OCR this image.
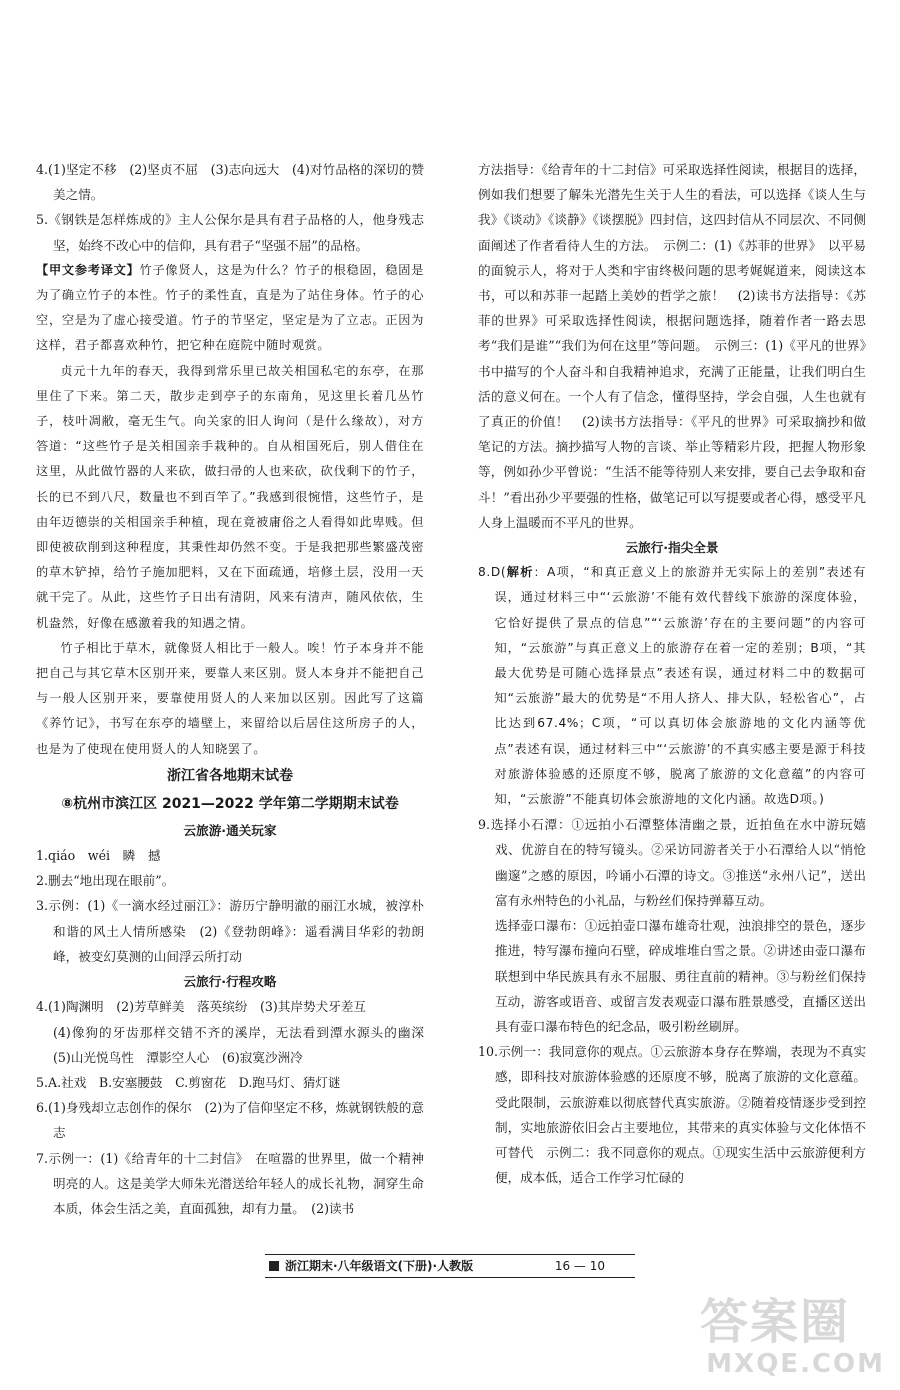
4.(1)坚定不移　(2)坚贞不屈　(3)志向远大　(4)对竹品格的深切的赞美之情。

5.《钢铁是怎样炼成的》主人公保尔是具有君子品格的人，他身残志坚，始终不改心中的信仰，具有君子“坚强不屈”的品格。

【甲文参考译文】竹子像贤人，这是为什么？竹子的根稳固，稳固是为了确立竹子的本性。竹子的柔性直，直是为了站住身体。竹子的心空，空是为了虚心接受道。竹子的节坚定，坚定是为了立志。正因为这样，君子都喜欢种竹，把它种在庭院中随时观赏。

贞元十九年的春天，我得到常乐里已故关相国私宅的东亭，在那里住了下来。第二天，散步走到亭子的东南角，见这里长着几丛竹子，枝叶凋敝，毫无生气。向关家的旧人询问（是什么缘故），对方答道：“这些竹子是关相国亲手栽种的。自从相国死后，别人借住在这里，从此做竹器的人来砍，做扫帚的人也来砍，砍伐剩下的竹子，长的已不到八尺，数量也不到百竿了。”我感到很惋惜，这些竹子，是由年迈德崇的关相国亲手种植，现在竟被庸俗之人看得如此卑贱。但即使被砍削到这种程度，其秉性却仍然不变。于是我把那些繁盛茂密的草木铲掉，给竹子施加肥料，又在下面疏通，培修土层，没用一天就干完了。从此，这些竹子日出有清阴，风来有清声，随风依依，生机盎然，好像在感激着我的知遇之情。

竹子相比于草木，就像贤人相比于一般人。唉！竹子本身并不能把自己与其它草木区别开来，要靠人来区别。贤人本身并不能把自己与一般人区别开来，要靠使用贤人的人来加以区别。因此写了这篇《养竹记》，书写在东亭的墙壁上，来留给以后居住这所房子的人，也是为了使现在使用贤人的人知晓罢了。

浙江省各地期末试卷
⑧杭州市滨江区 2021—2022 学年第二学期期末试卷
云旅游·通关玩家

1.qiáo　wéi　瞵　撼

2.删去“地出现在眼前”。

3.示例：(1)《一滴水经过丽江》：游历宁静明澈的丽江水城，被淳朴和谐的风土人情所感染　(2)《登勃朗峰》：遥看满目华彩的勃朗峰，被变幻莫测的山间浮云所打动

云旅行·行程攻略

4.(1)陶渊明　(2)芳草鲜美　落英缤纷　(3)其岸势犬牙差互

(4)像狗的牙齿那样交错不齐的溪岸，无法看到潭水源头的幽深　(5)山光悦鸟性　潭影空人心　(6)寂寞沙洲冷

5.A.社戏　B.安塞腰鼓　C.剪窗花　D.跑马灯、猜灯谜

6.(1)身残却立志创作的保尔　(2)为了信仰坚定不移，炼就钢铁般的意志

7.示例一：(1)《给青年的十二封信》　在喧嚣的世界里，做一个精神明亮的人。这是美学大师朱光潜送给年轻人的成长礼物，洞穿生命本质，体会生活之美，直面孤独，却有力量。　(2)读书

方法指导：《给青年的十二封信》可采取选择性阅读，根据目的选择，例如我们想要了解朱光潜先生关于人生的看法，可以选择《谈人生与我》《谈动》《谈静》《谈摆脱》四封信，这四封信从不同层次、不同侧面阐述了作者看待人生的方法。　示例二：(1)《苏菲的世界》　以平易的面貌示人，将对于人类和宇宙终极问题的思考娓娓道来，阅读这本书，可以和苏菲一起踏上美妙的哲学之旅！　(2)读书方法指导：《苏菲的世界》可采取选择性阅读，根据问题选择，随着作者一路去思考“我们是谁”“我们为何在这里”等问题。　示例三：(1)《平凡的世界》　书中描写的个人奋斗和自我精神追求，充满了正能量，让我们明白生活的意义何在。一个人有了信念，懂得坚持，学会自强，人生也就有了真正的价值！　(2)读书方法指导：《平凡的世界》可采取摘抄和做笔记的方法。摘抄描写人物的言谈、举止等精彩片段，把握人物形象等，例如孙少平曾说：“生活不能等待别人来安排，要自己去争取和奋斗！”看出孙少平要强的性格，做笔记可以写提要或者心得，感受平凡人身上温暖而不平凡的世界。

云旅行·指尖全景

8.D(解析：A项，“和真正意义上的旅游并无实际上的差别”表述有误，通过材料三中“‘云旅游’不能有效代替线下旅游的深度体验，它恰好提供了景点的信息”“‘云旅游’存在的主要问题”的内容可知，“云旅游”与真正意义上的旅游存在着一定的差别；B项，“其最大优势是可随心选择景点”表述有误，通过材料二中的数据可知“云旅游”最大的优势是“不用人挤人、排大队，轻松省心”，占比达到67.4%；C项，“可以真切体会旅游地的文化内涵等优点”表述有误，通过材料三中“‘云旅游’的不真实感主要是源于科技对旅游体验感的还原度不够，脱离了旅游的文化意蕴”的内容可知，“云旅游”不能真切体会旅游地的文化内涵。故选D项。)

9.选择小石潭：①远拍小石潭整体清幽之景，近拍鱼在水中游玩嬉戏、优游自在的特写镜头。②采访同游者关于小石潭给人以“悄怆幽邃”之感的原因，吟诵小石潭的诗文。③推送“永州八记”，送出富有永州特色的小礼品，与粉丝们保持弹幕互动。

选择壶口瀑布：①远拍壶口瀑布雄奇壮观，浊浪排空的景色，逐步推进，特写瀑布撞向石壁，碎成堆堆白雪之景。②讲述由壶口瀑布联想到中华民族具有永不屈服、勇往直前的精神。③与粉丝们保持互动，游客或语音、或留言发表观壶口瀑布胜景感受，直播区送出具有壶口瀑布特色的纪念品，吸引粉丝刷屏。

10.示例一：我同意你的观点。①云旅游本身存在弊端，表现为不真实感，即科技对旅游体验感的还原度不够，脱离了旅游的文化意蕴。受此限制，云旅游难以彻底替代真实旅游。②随着疫情逐步受到控制，实地旅游依旧会占主要地位，其带来的真实体验与文化体悟不可替代　示例二：我不同意你的观点。①现实生活中云旅游便利方便，成本低，适合工作学习忙碌的

浙江期末·八年级语文(下册)·人教版	16 — 10
答案圈
MXQE.COM
